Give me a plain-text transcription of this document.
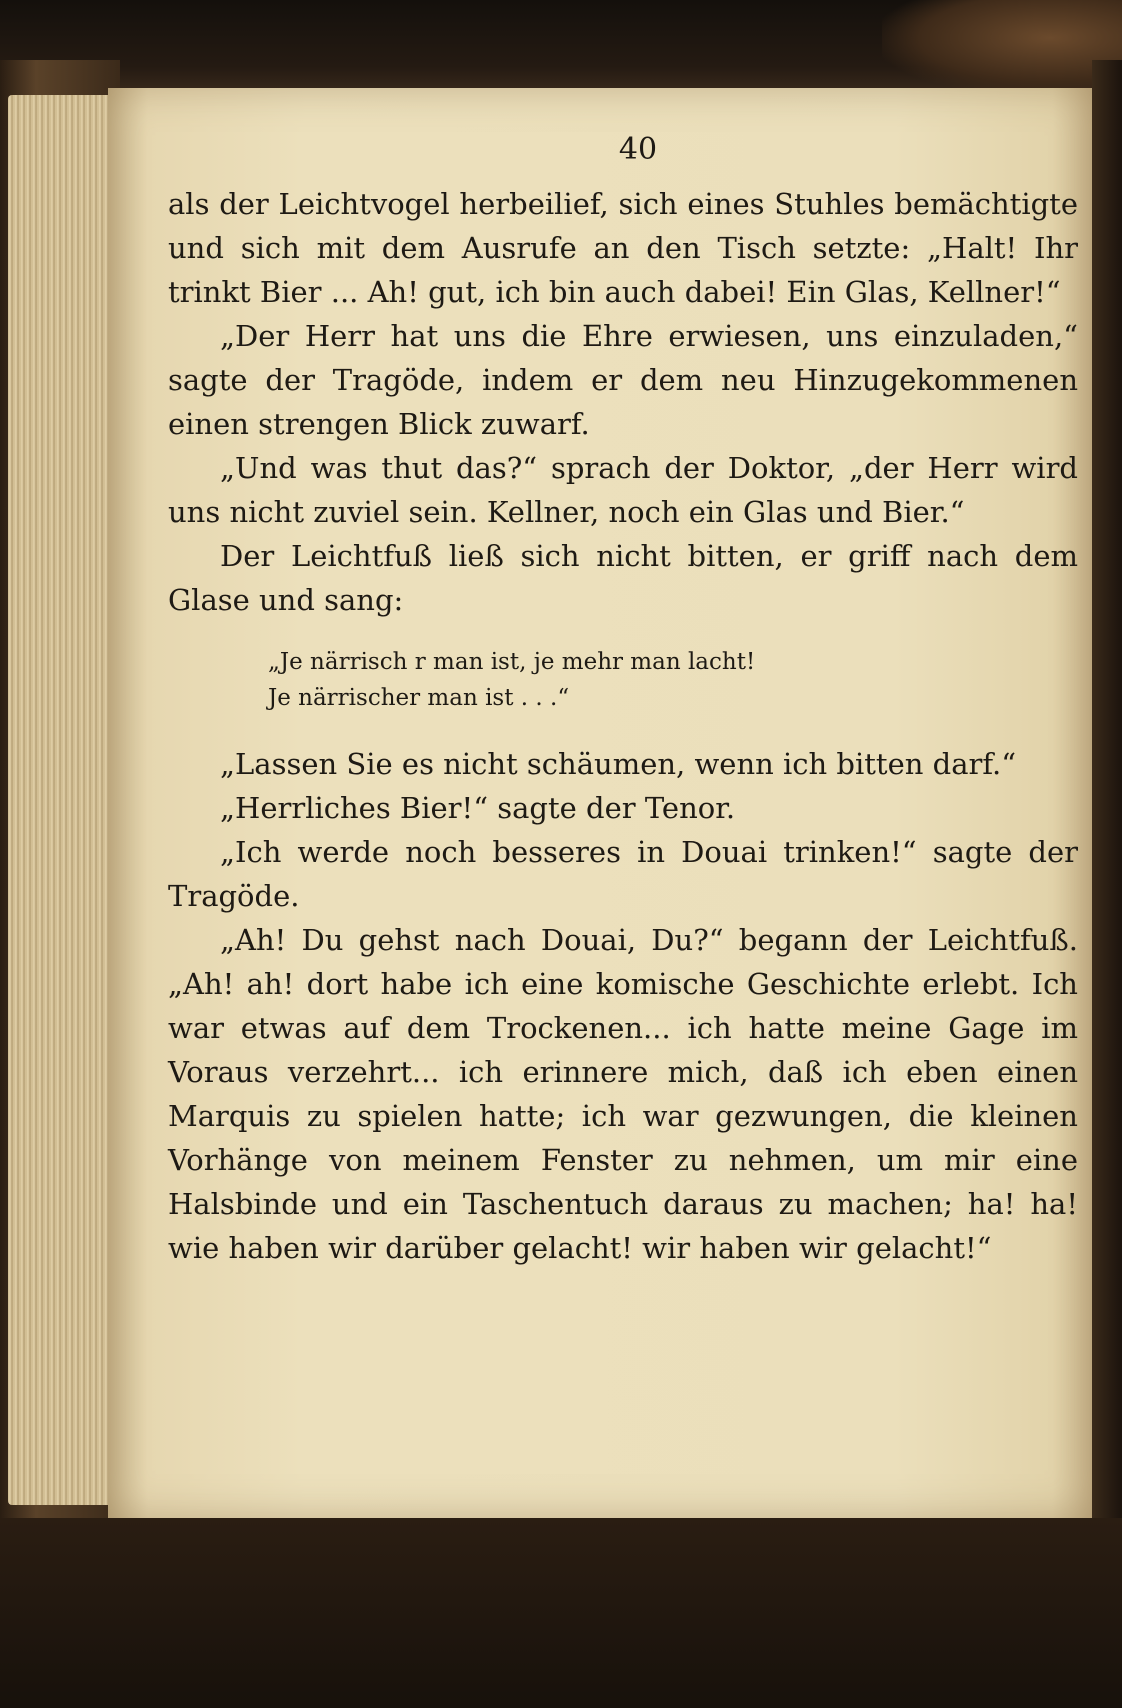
40

als der Leichtvogel herbeilief, sich eines Stuhles bemächtigte und sich mit dem Ausrufe an den Tisch setzte: „Halt! Ihr trinkt Bier ... Ah! gut, ich bin auch dabei! Ein Glas, Kellner!“

„Der Herr hat uns die Ehre erwiesen, uns einzuladen,“ sagte der Tragöde, indem er dem neu Hinzugekommenen einen strengen Blick zuwarf.

„Und was thut das?“ sprach der Doktor, „der Herr wird uns nicht zuviel sein. Kellner, noch ein Glas und Bier.“

Der Leichtfuß ließ sich nicht bitten, er griff nach dem Glase und sang:

„Je närrisch r man ist, je mehr man lacht!
Je närrischer man ist . . .“

„Lassen Sie es nicht schäumen, wenn ich bitten darf.“

„Herrliches Bier!“ sagte der Tenor.

„Ich werde noch besseres in Douai trinken!“ sagte der Tragöde.

„Ah! Du gehst nach Douai, Du?“ begann der Leichtfuß. „Ah! ah! dort habe ich eine komische Geschichte erlebt. Ich war etwas auf dem Trockenen... ich hatte meine Gage im Voraus verzehrt... ich erinnere mich, daß ich eben einen Marquis zu spielen hatte; ich war gezwungen, die kleinen Vorhänge von meinem Fenster zu nehmen, um mir eine Halsbinde und ein Taschentuch daraus zu machen; ha! ha! wie haben wir darüber gelacht! wir haben wir gelacht!“
